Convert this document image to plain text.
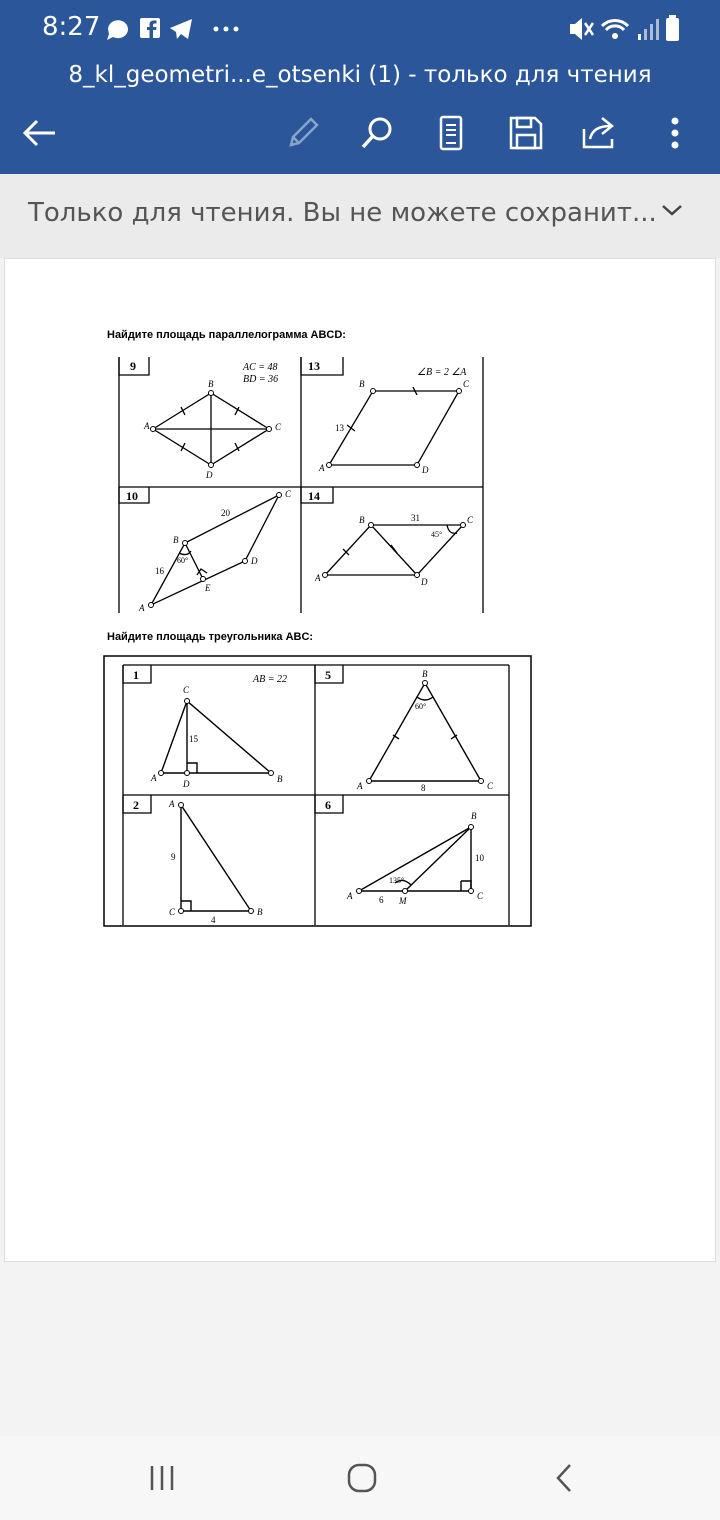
8:27
8_kl_geometri...e_otsenki (1) - только для чтения
Только для чтения. Вы не можете сохранит...
Найдите площадь параллелограмма ABCD:
Найдите площадь треугольника ABC:
9	13
10	14
AC = 48
BD = 36
A
B
C
D
∠B = 2 ∠A
13
A
B	C
D
20
16
60°
A
B
C
D
E
31
45°
A
B	C
D
1	5
2	6
AB = 22
15
A	B
C
D
60°
8
A
B
C
9
4
A
B
C
135°
6
10
A
B
C
M
